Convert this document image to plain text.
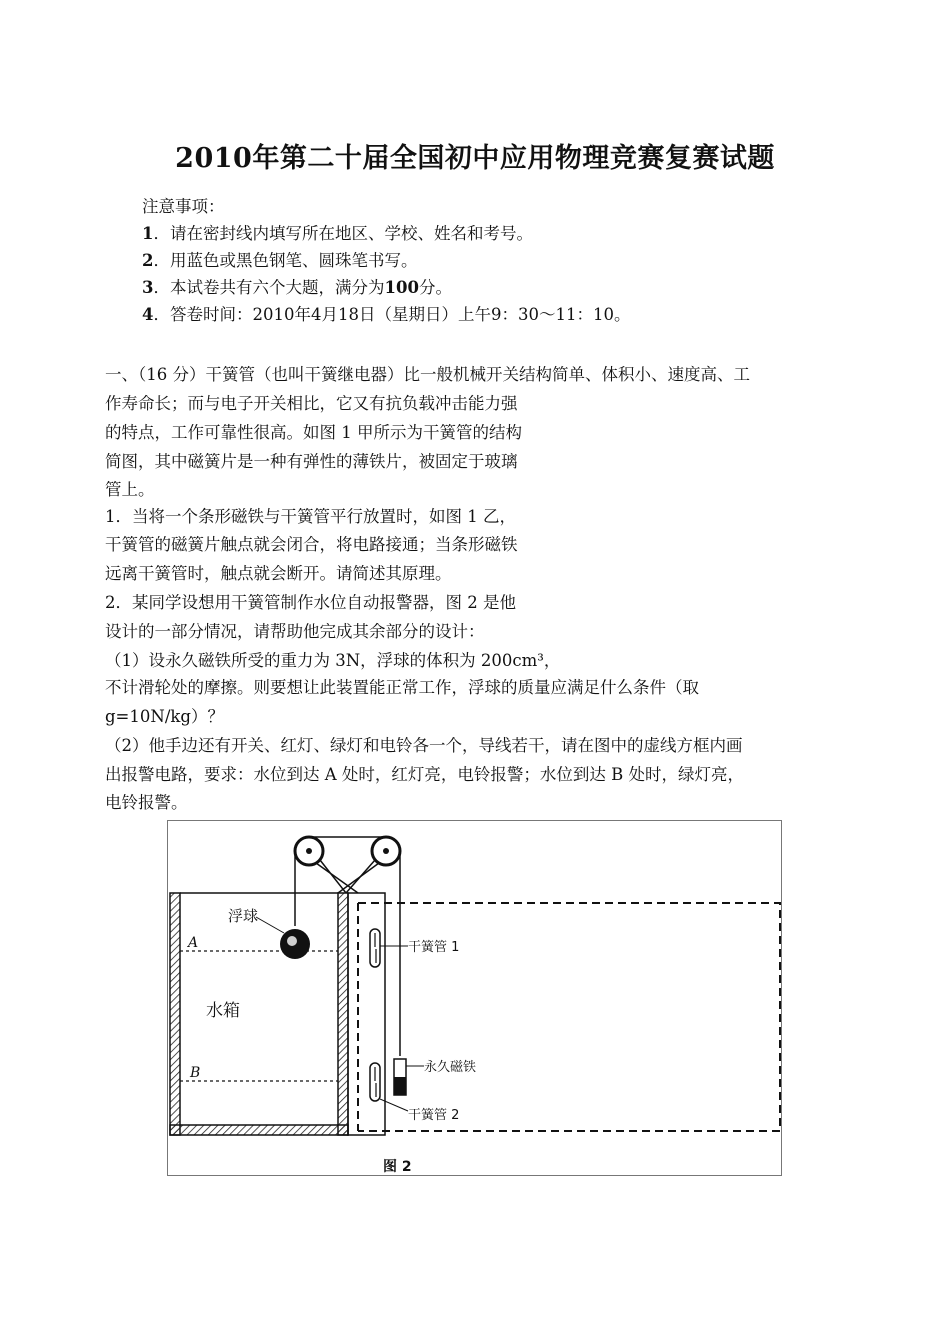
2010年第二十届全国初中应用物理竞赛复赛试题
注意事项：
1．请在密封线内填写所在地区、学校、姓名和考号。
2．用蓝色或黑色钢笔、圆珠笔书写。
3．本试卷共有六个大题，满分为100分。
4．答卷时间：2010年4月18日（星期日）上午9：30～11：10。
一、（16 分）干簧管（也叫干簧继电器）比一般机械开关结构简单、体积小、速度高、工
作寿命长；而与电子开关相比，它又有抗负载冲击能力强
的特点，工作可靠性很高。如图 1 甲所示为干簧管的结构
简图，其中磁簧片是一种有弹性的薄铁片，被固定于玻璃
管上。
1．当将一个条形磁铁与干簧管平行放置时，如图 1 乙，
干簧管的磁簧片触点就会闭合，将电路接通；当条形磁铁
远离干簧管时，触点就会断开。请简述其原理。
2．某同学设想用干簧管制作水位自动报警器，图 2 是他
设计的一部分情况，请帮助他完成其余部分的设计：
（1）设永久磁铁所受的重力为 3N，浮球的体积为 200cm³，
不计滑轮处的摩擦。则要想让此装置能正常工作，浮球的质量应满足什么条件（取
g=10N/kg）？
（2）他手边还有开关、红灯、绿灯和电铃各一个，导线若干，请在图中的虚线方框内画
出报警电路，要求：水位到达 A 处时，红灯亮，电铃报警；水位到达 B 处时，绿灯亮，
电铃报警。
浮球
A
水箱
B
干簧管 1
永久磁铁
干簧管 2
图 2
